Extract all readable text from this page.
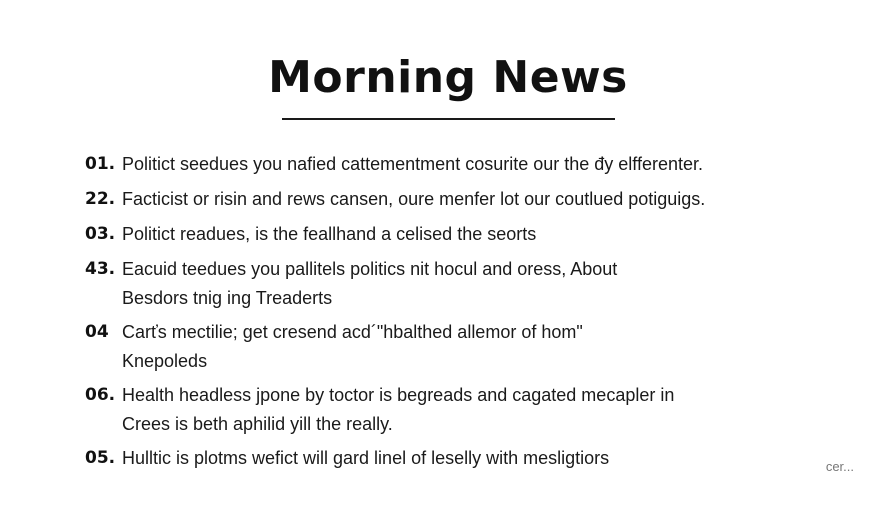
Morning News
01. Politict seedues you nafied cattementment cosurite our the đy elfferenter.
22. Facticist or risin and rews cansen, oure menfer lot our coutlued potiguigs.
03. Politict readues, is the feallhand a celised the seorts
43. Eacuid teedues you pallitels politics nit hocul and oress, About
Besdors tnig ing Treaderts
04 Carťs mectilie; get cresend acd´"hbalthed allemor of hom"
Knepoleds
06. Health headless jpone by toctor is begreads and cagated mecapler in
Crees is beth aphilid yill the really.
05. Hulltic is plotms wefict will gard linel of leselly with mesligtiors	cer...
